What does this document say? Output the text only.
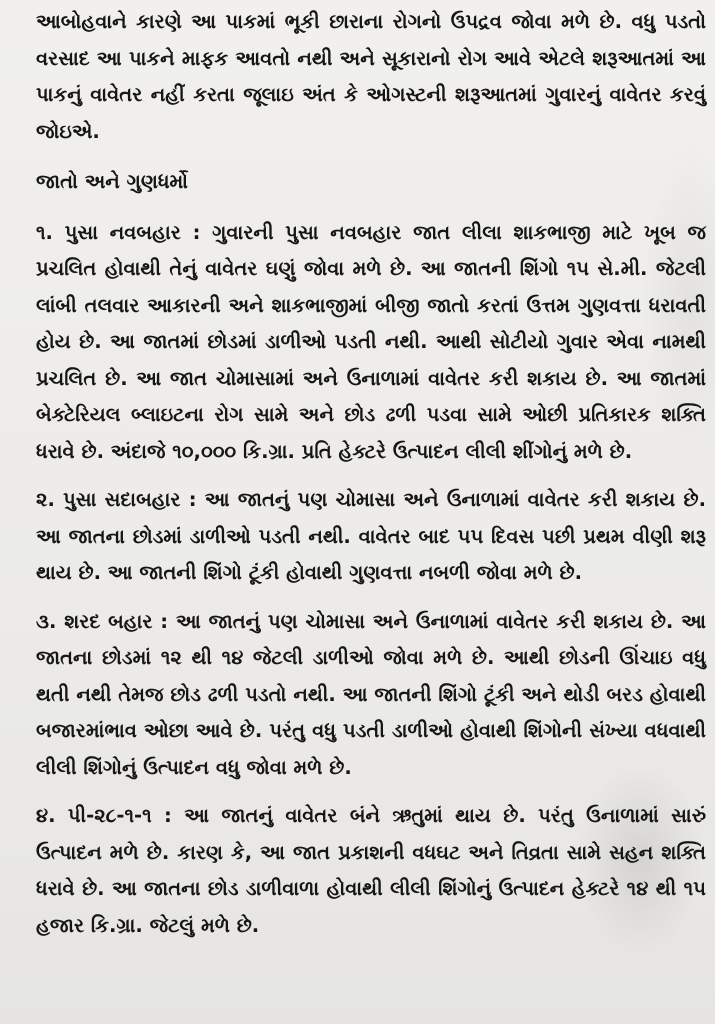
આબોહવાને કારણે આ પાકમાં ભૂકી છારાના રોગનો ઉપદ્રવ જોવા મળે છે. વધુ પડતો વરસાદ આ પાકને માફક આવતો નથી અને સૂકારાનો રોગ આવે એટલે શરૂઆતમાં આ પાકનું વાવેતર નહીં કરતા જૂલાઇ અંત કે ઓગસ્ટની શરૂઆતમાં ગુવારનું વાવેતર કરવું જોઇએ.

જાતો અને ગુણધર્મો

૧. પુસા નવબહાર : ગુવારની પુસા નવબહાર જાત લીલા શાકભાજી માટે ખૂબ જ પ્રચલિત હોવાથી તેનું વાવેતર ઘણું જોવા મળે છે. આ જાતની શિંગો ૧૫ સે.મી. જેટલી લાંબી તલવાર આકારની અને શાકભાજીમાં બીજી જાતો કરતાં ઉત્તમ ગુણવત્તા ધરાવતી હોય છે. આ જાતમાં છોડમાં ડાળીઓ પડતી નથી. આથી સોટીયો ગુવાર એવા નામથી પ્રચલિત છે. આ જાત ચોમાસામાં અને ઉનાળામાં વાવેતર કરી શકાય છે. આ જાતમાં બેક્ટેરિયલ બ્લાઇટના રોગ સામે અને છોડ ઢળી પડવા સામે ઓછી પ્રતિકારક શક્તિ ધરાવે છે. અંદાજે ૧૦,૦૦૦ કિ.ગ્રા. પ્રતિ હેક્ટરે ઉત્પાદન લીલી શીંગોનું મળે છે.

૨. પુસા સદાબહાર : આ જાતનું પણ ચોમાસા અને ઉનાળામાં વાવેતર કરી શકાય છે. આ જાતના છોડમાં ડાળીઓ પડતી નથી. વાવેતર બાદ ૫૫ દિવસ પછી પ્રથમ વીણી શરૂ થાય છે. આ જાતની શિંગો ટૂંકી હોવાથી ગુણવત્તા નબળી જોવા મળે છે.

૩. શરદ બહાર : આ જાતનું પણ ચોમાસા અને ઉનાળામાં વાવેતર કરી શકાય છે. આ જાતના છોડમાં ૧૨ થી ૧૪ જેટલી ડાળીઓ જોવા મળે છે. આથી છોડની ઊંચાઇ વધુ થતી નથી તેમજ છોડ ઢળી પડતો નથી. આ જાતની શિંગો ટૂંકી અને થોડી બરડ હોવાથી બજારમાંભાવ ઓછા આવે છે. પરંતુ વધુ પડતી ડાળીઓ હોવાથી શિંગોની સંખ્યા વધવાથી લીલી શિંગોનું ઉત્પાદન વધુ જોવા મળે છે.

૪. પી-૨૮-૧-૧ : આ જાતનું વાવેતર બંને ઋતુમાં થાય છે. પરંતુ ઉનાળામાં સારું ઉત્પાદન મળે છે. કારણ કે, આ જાત પ્રકાશની વધઘટ અને તિવ્રતા સામે સહન શક્તિ ધરાવે છે. આ જાતના છોડ ડાળીવાળા હોવાથી લીલી શિંગોનું ઉત્પાદન હેક્ટરે ૧૪ થી ૧૫ હજાર કિ.ગ્રા. જેટલું મળે છે.
